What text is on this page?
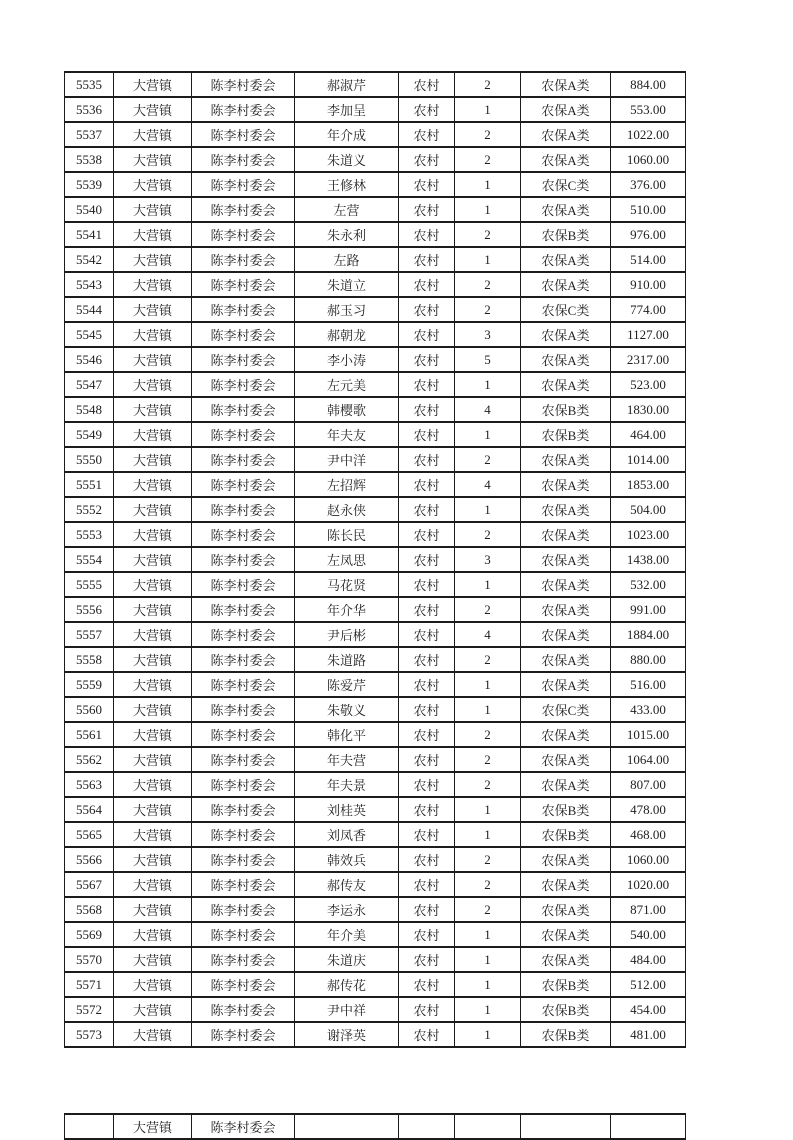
5535	大营镇	陈李村委会	郝淑芹	农村	2	农保A类	884.00
5536	大营镇	陈李村委会	李加呈	农村	1	农保A类	553.00
5537	大营镇	陈李村委会	年介成	农村	2	农保A类	1022.00
5538	大营镇	陈李村委会	朱道义	农村	2	农保A类	1060.00
5539	大营镇	陈李村委会	王修林	农村	1	农保C类	376.00
5540	大营镇	陈李村委会	左营	农村	1	农保A类	510.00
5541	大营镇	陈李村委会	朱永利	农村	2	农保B类	976.00
5542	大营镇	陈李村委会	左路	农村	1	农保A类	514.00
5543	大营镇	陈李村委会	朱道立	农村	2	农保A类	910.00
5544	大营镇	陈李村委会	郝玉习	农村	2	农保C类	774.00
5545	大营镇	陈李村委会	郝朝龙	农村	3	农保A类	1127.00
5546	大营镇	陈李村委会	李小涛	农村	5	农保A类	2317.00
5547	大营镇	陈李村委会	左元美	农村	1	农保A类	523.00
5548	大营镇	陈李村委会	韩樱歌	农村	4	农保B类	1830.00
5549	大营镇	陈李村委会	年夫友	农村	1	农保B类	464.00
5550	大营镇	陈李村委会	尹中洋	农村	2	农保A类	1014.00
5551	大营镇	陈李村委会	左招辉	农村	4	农保A类	1853.00
5552	大营镇	陈李村委会	赵永侠	农村	1	农保A类	504.00
5553	大营镇	陈李村委会	陈长民	农村	2	农保A类	1023.00
5554	大营镇	陈李村委会	左凤思	农村	3	农保A类	1438.00
5555	大营镇	陈李村委会	马花贤	农村	1	农保A类	532.00
5556	大营镇	陈李村委会	年介华	农村	2	农保A类	991.00
5557	大营镇	陈李村委会	尹后彬	农村	4	农保A类	1884.00
5558	大营镇	陈李村委会	朱道路	农村	2	农保A类	880.00
5559	大营镇	陈李村委会	陈爱芹	农村	1	农保A类	516.00
5560	大营镇	陈李村委会	朱敬义	农村	1	农保C类	433.00
5561	大营镇	陈李村委会	韩化平	农村	2	农保A类	1015.00
5562	大营镇	陈李村委会	年夫营	农村	2	农保A类	1064.00
5563	大营镇	陈李村委会	年夫景	农村	2	农保A类	807.00
5564	大营镇	陈李村委会	刘桂英	农村	1	农保B类	478.00
5565	大营镇	陈李村委会	刘凤香	农村	1	农保B类	468.00
5566	大营镇	陈李村委会	韩效兵	农村	2	农保A类	1060.00
5567	大营镇	陈李村委会	郝传友	农村	2	农保A类	1020.00
5568	大营镇	陈李村委会	李运永	农村	2	农保A类	871.00
5569	大营镇	陈李村委会	年介美	农村	1	农保A类	540.00
5570	大营镇	陈李村委会	朱道庆	农村	1	农保A类	484.00
5571	大营镇	陈李村委会	郝传花	农村	1	农保B类	512.00
5572	大营镇	陈李村委会	尹中祥	农村	1	农保B类	454.00
5573	大营镇	陈李村委会	谢泽英	农村	1	农保B类	481.00
	大营镇	陈李村委会					
